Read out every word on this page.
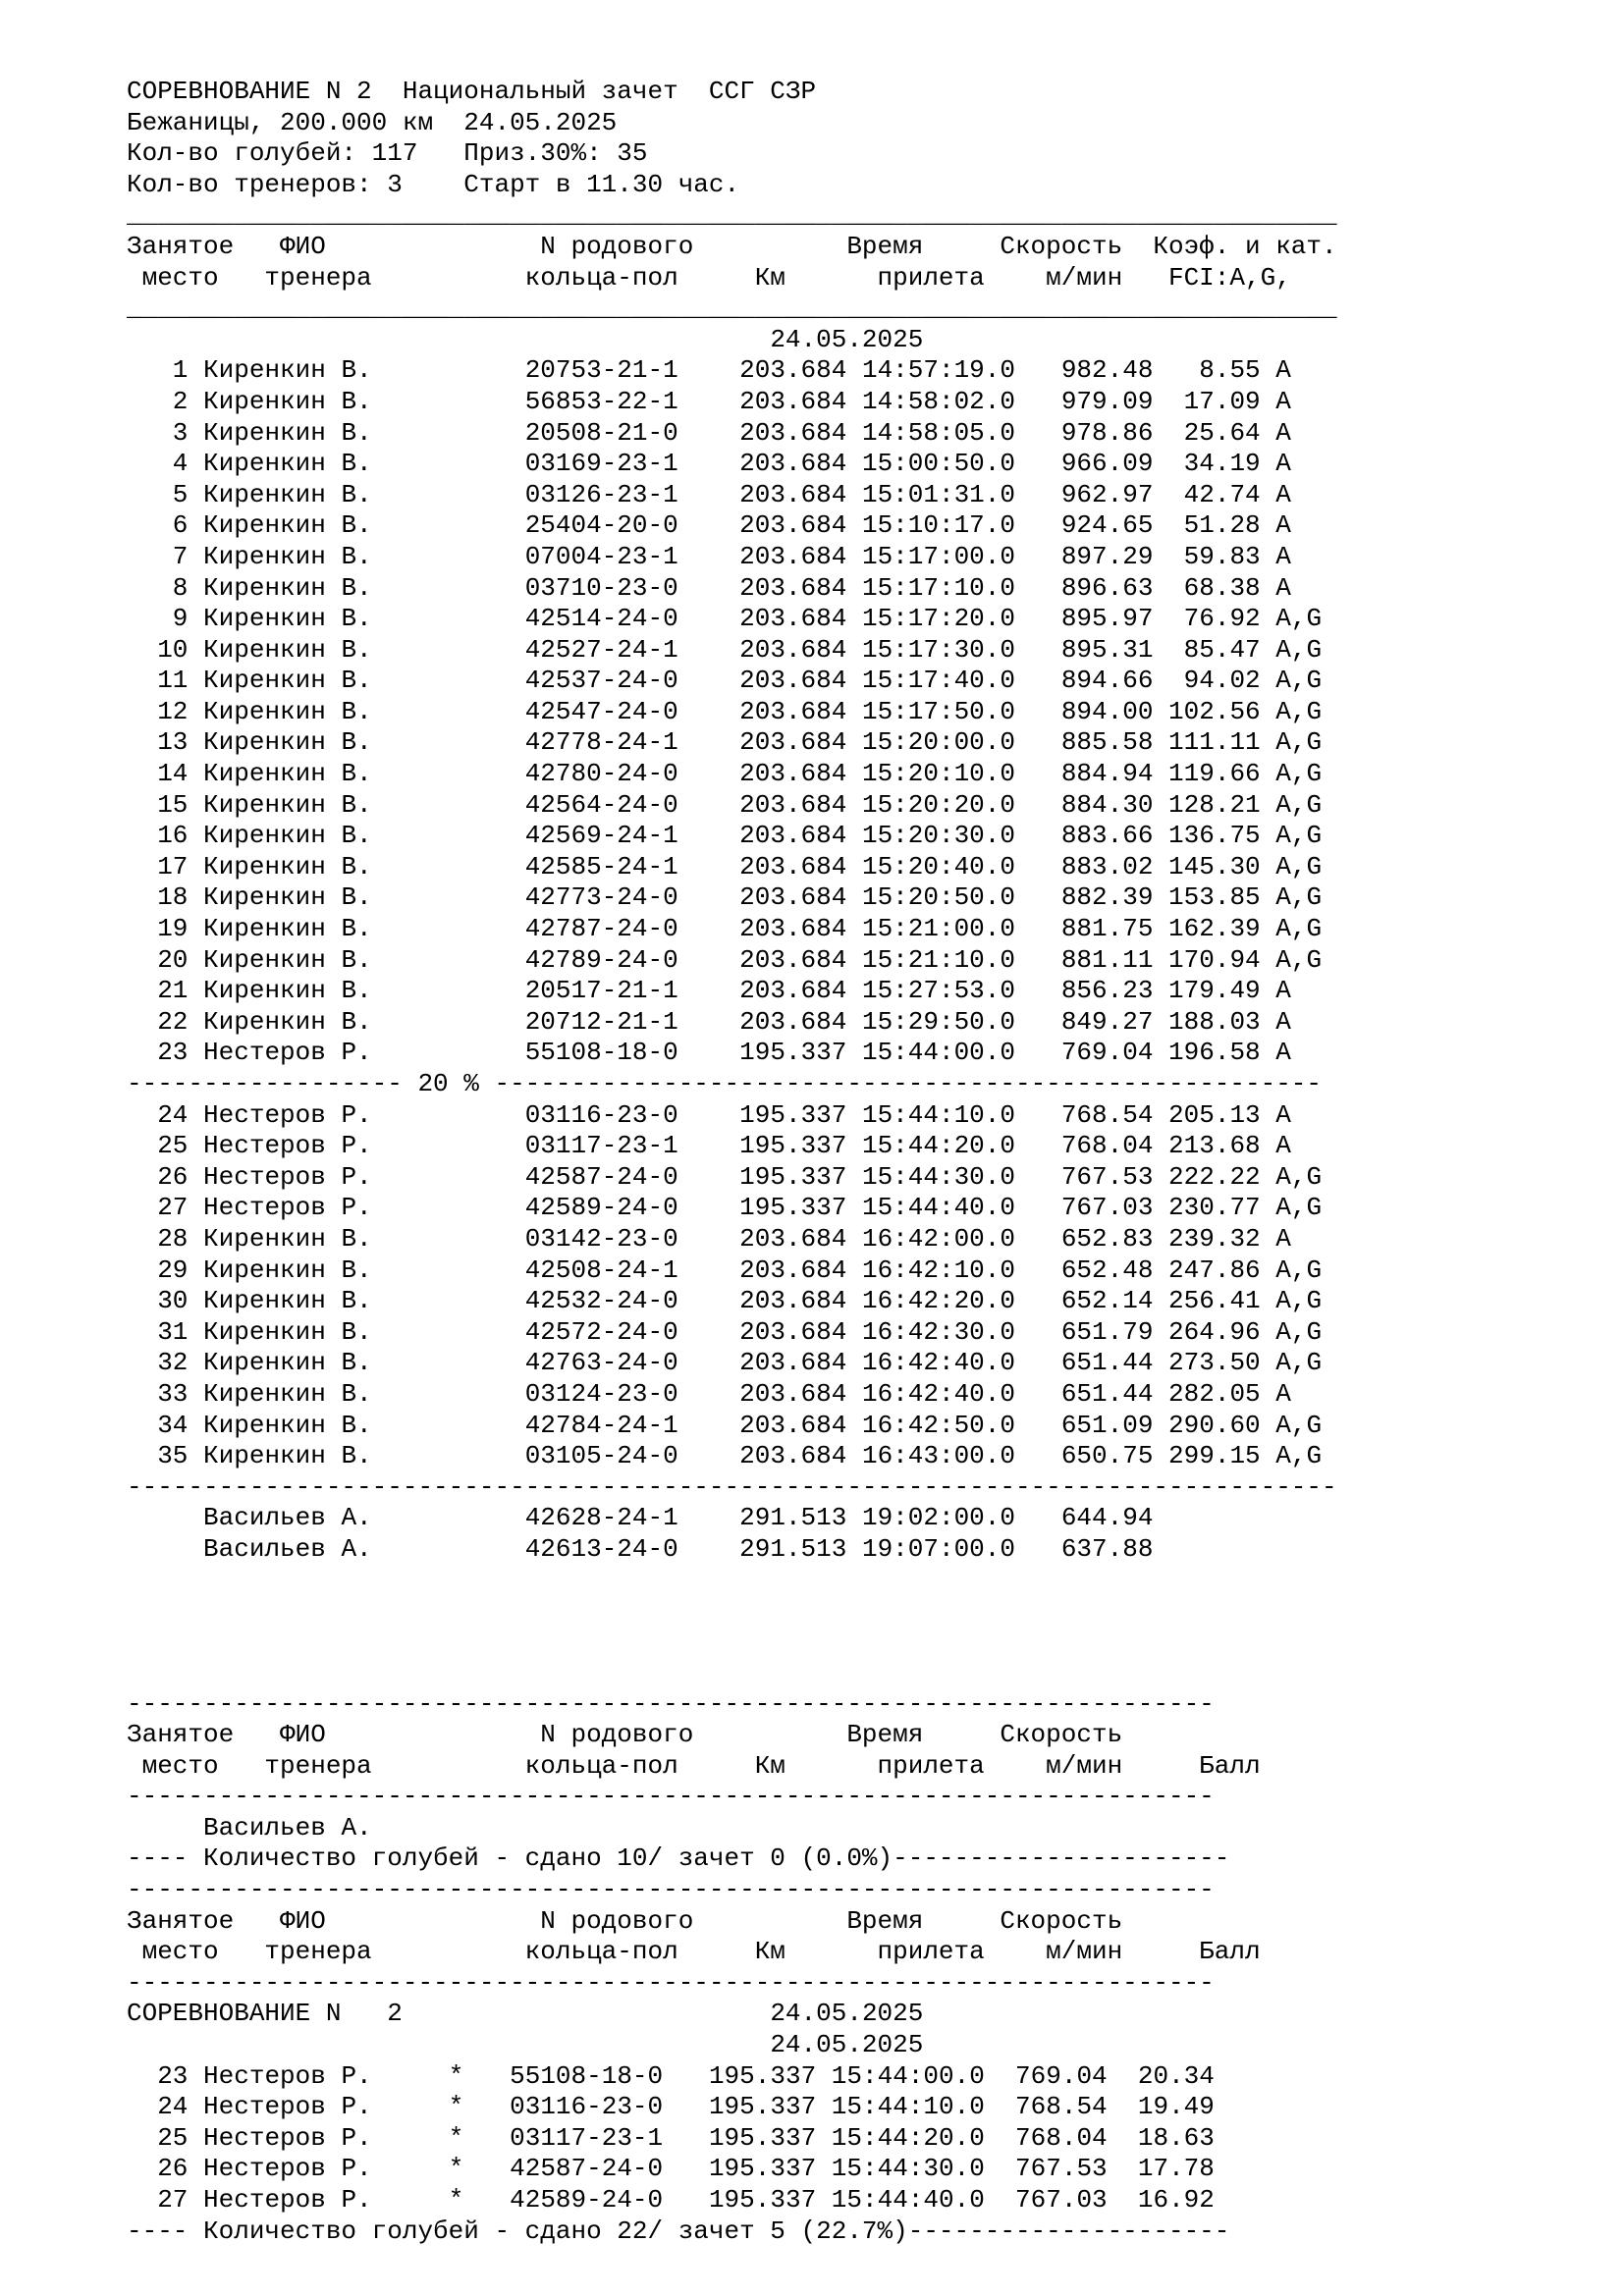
СОРЕВНОВАНИЕ N 2  Национальный зачет  ССГ СЗР
Бежаницы, 200.000 км  24.05.2025
Кол-во голубей: 117   Приз.30%: 35
Кол-во тренеров: 3    Старт в 11.30 час.
_______________________________________________________________________________
Занятое   ФИО              N родового          Время     Скорость  Коэф. и кат.
место   тренера          кольца-пол     Км      прилета    м/мин   FCI:A,G,
_______________________________________________________________________________
24.05.2025
1 Киренкин В.          20753-21-1 203.684 14:57:19.0 982.48   8.55 A
2 Киренкин В.          56853-22-1 203.684 14:58:02.0 979.09  17.09 A
3 Киренкин В.          20508-21-0 203.684 14:58:05.0 978.86  25.64 A
4 Киренкин В.          03169-23-1 203.684 15:00:50.0 966.09  34.19 A
5 Киренкин В.          03126-23-1 203.684 15:01:31.0 962.97  42.74 A
6 Киренкин В.          25404-20-0 203.684 15:10:17.0 924.65  51.28 A
7 Киренкин В.          07004-23-1 203.684 15:17:00.0 897.29  59.83 A
8 Киренкин В.          03710-23-0 203.684 15:17:10.0 896.63  68.38 A
9 Киренкин В.          42514-24-0 203.684 15:17:20.0 895.97  76.92 A,G
10 Киренкин В.          42527-24-1 203.684 15:17:30.0 895.31  85.47 A,G
11 Киренкин В.          42537-24-0 203.684 15:17:40.0 894.66  94.02 A,G
12 Киренкин В.          42547-24-0 203.684 15:17:50.0 894.00 102.56 A,G
13 Киренкин В.          42778-24-1 203.684 15:20:00.0 885.58 111.11 A,G
14 Киренкин В.          42780-24-0 203.684 15:20:10.0 884.94 119.66 A,G
15 Киренкин В.          42564-24-0 203.684 15:20:20.0 884.30 128.21 A,G
16 Киренкин В.          42569-24-1 203.684 15:20:30.0 883.66 136.75 A,G
17 Киренкин В.          42585-24-1 203.684 15:20:40.0 883.02 145.30 A,G
18 Киренкин В.          42773-24-0 203.684 15:20:50.0 882.39 153.85 A,G
19 Киренкин В.          42787-24-0 203.684 15:21:00.0 881.75 162.39 A,G
20 Киренкин В.          42789-24-0 203.684 15:21:10.0 881.11 170.94 A,G
21 Киренкин В.          20517-21-1 203.684 15:27:53.0 856.23 179.49 A
22 Киренкин В.          20712-21-1 203.684 15:29:50.0 849.27 188.03 A
23 Нестеров Р.          55108-18-0 195.337 15:44:00.0 769.04 196.58 A
------------------ 20 % ------------------------------------------------------
24 Нестеров Р.          03116-23-0 195.337 15:44:10.0 768.54 205.13 A
25 Нестеров Р.          03117-23-1 195.337 15:44:20.0 768.04 213.68 A
26 Нестеров Р.          42587-24-0 195.337 15:44:30.0 767.53 222.22 A,G
27 Нестеров Р.          42589-24-0 195.337 15:44:40.0 767.03 230.77 A,G
28 Киренкин В.          03142-23-0 203.684 16:42:00.0 652.83 239.32 A
29 Киренкин В.          42508-24-1 203.684 16:42:10.0 652.48 247.86 A,G
30 Киренкин В.          42532-24-0 203.684 16:42:20.0 652.14 256.41 A,G
31 Киренкин В.          42572-24-0 203.684 16:42:30.0 651.79 264.96 A,G
32 Киренкин В.          42763-24-0 203.684 16:42:40.0 651.44 273.50 A,G
33 Киренкин В.          03124-23-0 203.684 16:42:40.0 651.44 282.05 A
34 Киренкин В.          42784-24-1 203.684 16:42:50.0 651.09 290.60 A,G
35 Киренкин В.          03105-24-0 203.684 16:43:00.0 650.75 299.15 A,G
-------------------------------------------------------------------------------
Васильев А.          42628-24-1 291.513 19:02:00.0 644.94
Васильев А.          42613-24-0 291.513 19:07:00.0 637.88
-----------------------------------------------------------------------
Занятое   ФИО              N родового          Время     Скорость
место   тренера          кольца-пол     Км      прилета    м/мин     Балл
-----------------------------------------------------------------------
Васильев А.
---- Количество голубей - сдано 10/ зачет 0 (0.0%)----------------------
-----------------------------------------------------------------------
Занятое   ФИО              N родового          Время     Скорость
место   тренера          кольца-пол     Км      прилета    м/мин     Балл
-----------------------------------------------------------------------
СОРЕВНОВАНИЕ N   2	24.05.2025
24.05.2025
23 Нестеров Р.	* 55108-18-0 195.337 15:44:00.0 769.04 20.34
24 Нестеров Р.	* 03116-23-0 195.337 15:44:10.0 768.54 19.49
25 Нестеров Р.	* 03117-23-1 195.337 15:44:20.0 768.04 18.63
26 Нестеров Р.	* 42587-24-0 195.337 15:44:30.0 767.53 17.78
27 Нестеров Р.	* 42589-24-0 195.337 15:44:40.0 767.03 16.92
---- Количество голубей - сдано 22/ зачет 5 (22.7%)---------------------
